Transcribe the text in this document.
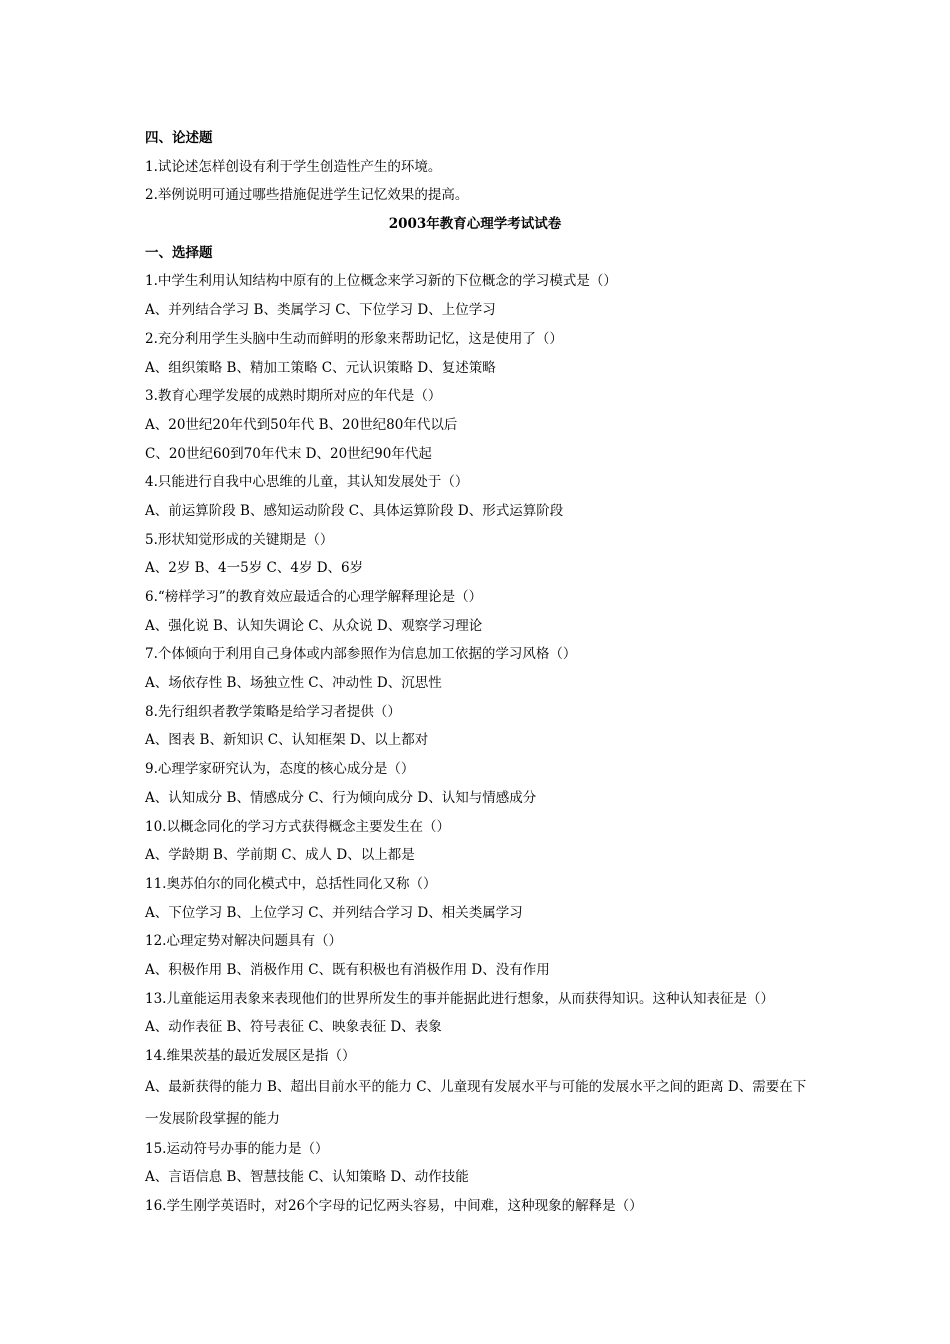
四、论述题
1.试论述怎样创设有利于学生创造性产生的环境。
2.举例说明可通过哪些措施促进学生记忆效果的提高。
2003年教育心理学考试试卷
一、选择题
1.中学生利用认知结构中原有的上位概念来学习新的下位概念的学习模式是（）
A、并列结合学习 B、类属学习 C、下位学习 D、上位学习
2.充分利用学生头脑中生动而鲜明的形象来帮助记忆，这是使用了（）
A、组织策略 B、精加工策略 C、元认识策略 D、复述策略
3.教育心理学发展的成熟时期所对应的年代是（）
A、20世纪20年代到50年代 B、20世纪80年代以后
C、20世纪60到70年代末 D、20世纪90年代起
4.只能进行自我中心思维的儿童，其认知发展处于（）
A、前运算阶段 B、感知运动阶段 C、具体运算阶段 D、形式运算阶段
5.形状知觉形成的关键期是（）
A、2岁 B、4一5岁 C、4岁 D、6岁
6.“榜样学习”的教育效应最适合的心理学解释理论是（）
A、强化说 B、认知失调论 C、从众说 D、观察学习理论
7.个体倾向于利用自己身体或内部参照作为信息加工依据的学习风格（）
A、场依存性 B、场独立性 C、冲动性 D、沉思性
8.先行组织者教学策略是给学习者提供（）
A、图表 B、新知识 C、认知框架 D、以上都对
9.心理学家研究认为，态度的核心成分是（）
A、认知成分 B、情感成分 C、行为倾向成分 D、认知与情感成分
10.以概念同化的学习方式获得概念主要发生在（）
A、学龄期 B、学前期 C、成人 D、以上都是
11.奥苏伯尔的同化模式中，总括性同化又称（）
A、下位学习 B、上位学习 C、并列结合学习 D、相关类属学习
12.心理定势对解决问题具有（）
A、积极作用 B、消极作用 C、既有积极也有消极作用 D、没有作用
13.儿童能运用表象来表现他们的世界所发生的事并能据此进行想象，从而获得知识。这种认知表征是（）
A、动作表征 B、符号表征 C、映象表征 D、表象
14.维果茨基的最近发展区是指（）
A、最新获得的能力 B、超出目前水平的能力 C、儿童现有发展水平与可能的发展水平之间的距离 D、需要在下一发展阶段掌握的能力
15.运动符号办事的能力是（）
A、言语信息 B、智慧技能 C、认知策略 D、动作技能
16.学生刚学英语时，对26个字母的记忆两头容易，中间难，这种现象的解释是（）
